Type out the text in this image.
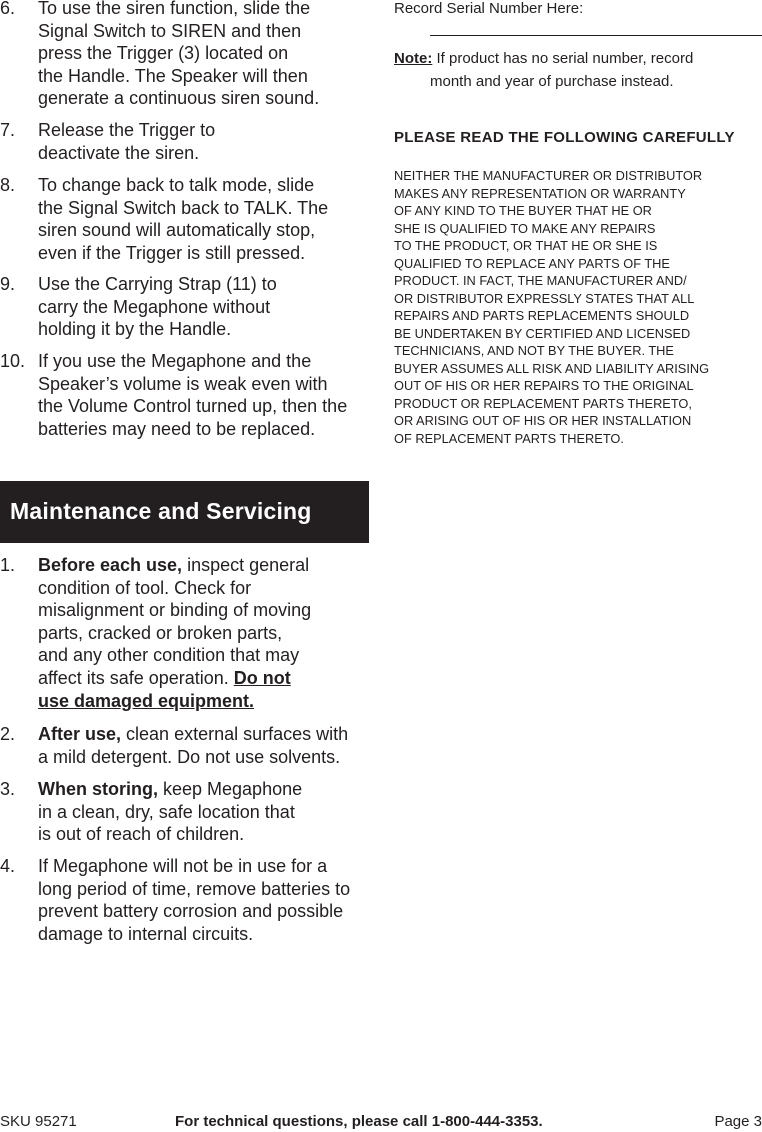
6. To use the siren function, slide the
Signal Switch to SIREN and then
press the Trigger (3) located on
the Handle. The Speaker will then
generate a continuous siren sound.
7. Release the Trigger to
deactivate the siren.
8. To change back to talk mode, slide
the Signal Switch back to TALK. The
siren sound will automatically stop,
even if the Trigger is still pressed.
9. Use the Carrying Strap (11) to
carry the Megaphone without
holding it by the Handle.
10. If you use the Megaphone and the
Speaker’s volume is weak even with
the Volume Control turned up, then the
batteries may need to be replaced.
Maintenance and Servicing
1. Before each use, inspect general
condition of tool. Check for
misalignment or binding of moving
parts, cracked or broken parts,
and any other condition that may
affect its safe operation. Do not
use damaged equipment.
2. After use, clean external surfaces with
a mild detergent. Do not use solvents.
3. When storing, keep Megaphone
in a clean, dry, safe location that
is out of reach of children.
4. If Megaphone will not be in use for a
long period of time, remove batteries to
prevent battery corrosion and possible
damage to internal circuits.
Record Serial Number Here:
Note: If product has no serial number, record
month and year of purchase instead.
PLEASE READ THE FOLLOWING CAREFULLY
NEITHER THE MANUFACTURER OR DISTRIBUTOR
MAKES ANY REPRESENTATION OR WARRANTY
OF ANY KIND TO THE BUYER THAT HE OR
SHE IS QUALIFIED TO MAKE ANY REPAIRS
TO THE PRODUCT, OR THAT HE OR SHE IS
QUALIFIED TO REPLACE ANY PARTS OF THE
PRODUCT. IN FACT, THE MANUFACTURER AND/
OR DISTRIBUTOR EXPRESSLY STATES THAT ALL
REPAIRS AND PARTS REPLACEMENTS SHOULD
BE UNDERTAKEN BY CERTIFIED AND LICENSED
TECHNICIANS, AND NOT BY THE BUYER. THE
BUYER ASSUMES ALL RISK AND LIABILITY ARISING
OUT OF HIS OR HER REPAIRS TO THE ORIGINAL
PRODUCT OR REPLACEMENT PARTS THERETO,
OR ARISING OUT OF HIS OR HER INSTALLATION
OF REPLACEMENT PARTS THERETO.
SKU 95271	For technical questions, please call 1-800-444-3353.	Page 3
